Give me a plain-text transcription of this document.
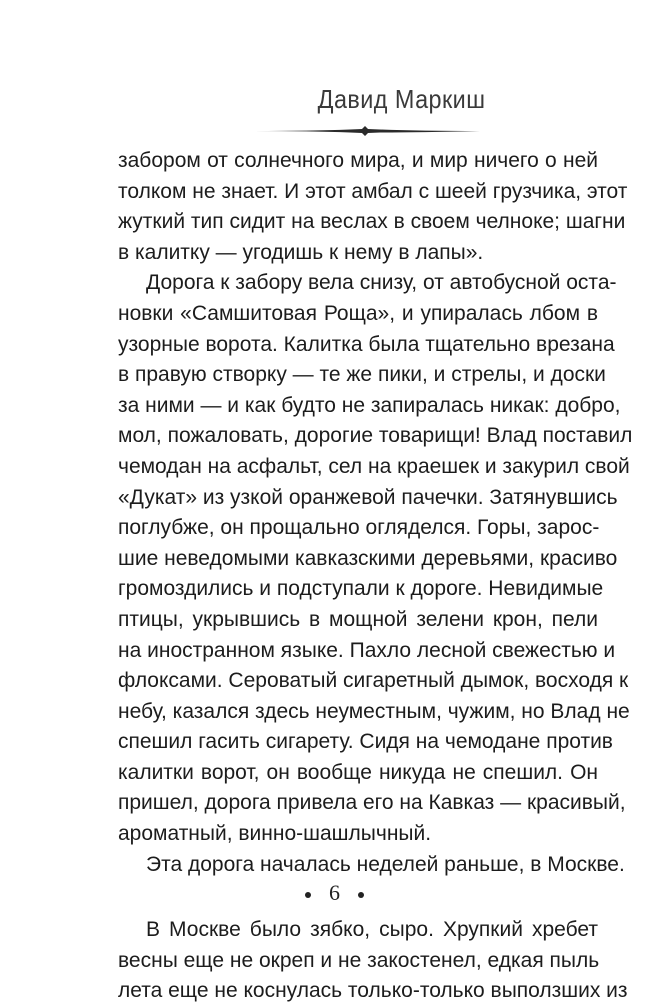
Давид Маркиш
забором от солнечного мира, и мир ничего о ней
толком не знает. И этот амбал с шеей грузчика, этот
жуткий тип сидит на веслах в своем челноке; шагни
в калитку — угодишь к нему в лапы».
Дорога к забору вела снизу, от автобусной оста-
новки «Самшитовая Роща», и упиралась лбом в
узорные ворота. Калитка была тщательно врезана
в правую створку — те же пики, и стрелы, и доски
за ними — и как будто не запиралась никак: добро,
мол, пожаловать, дорогие товарищи! Влад поставил
чемодан на асфальт, сел на краешек и закурил свой
«Дукат» из узкой оранжевой пачечки. Затянувшись
поглубже, он прощально огляделся. Горы, зарос-
шие неведомыми кавказскими деревьями, красиво
громоздились и подступали к дороге. Невидимые
птицы, укрывшись в мощной зелени крон, пели
на иностранном языке. Пахло лесной свежестью и
флоксами. Сероватый сигаретный дымок, восходя к
небу, казался здесь неуместным, чужим, но Влад не
спешил гасить сигарету. Сидя на чемодане против
калитки ворот, он вообще никуда не спешил. Он
пришел, дорога привела его на Кавказ — красивый,
ароматный, винно-шашлычный.
Эта дорога началась неделей раньше, в Москве.
В Москве было зябко, сыро. Хрупкий хребет
весны еще не окреп и не закостенел, едкая пыль
лета еще не коснулась только-только выползших из
6
